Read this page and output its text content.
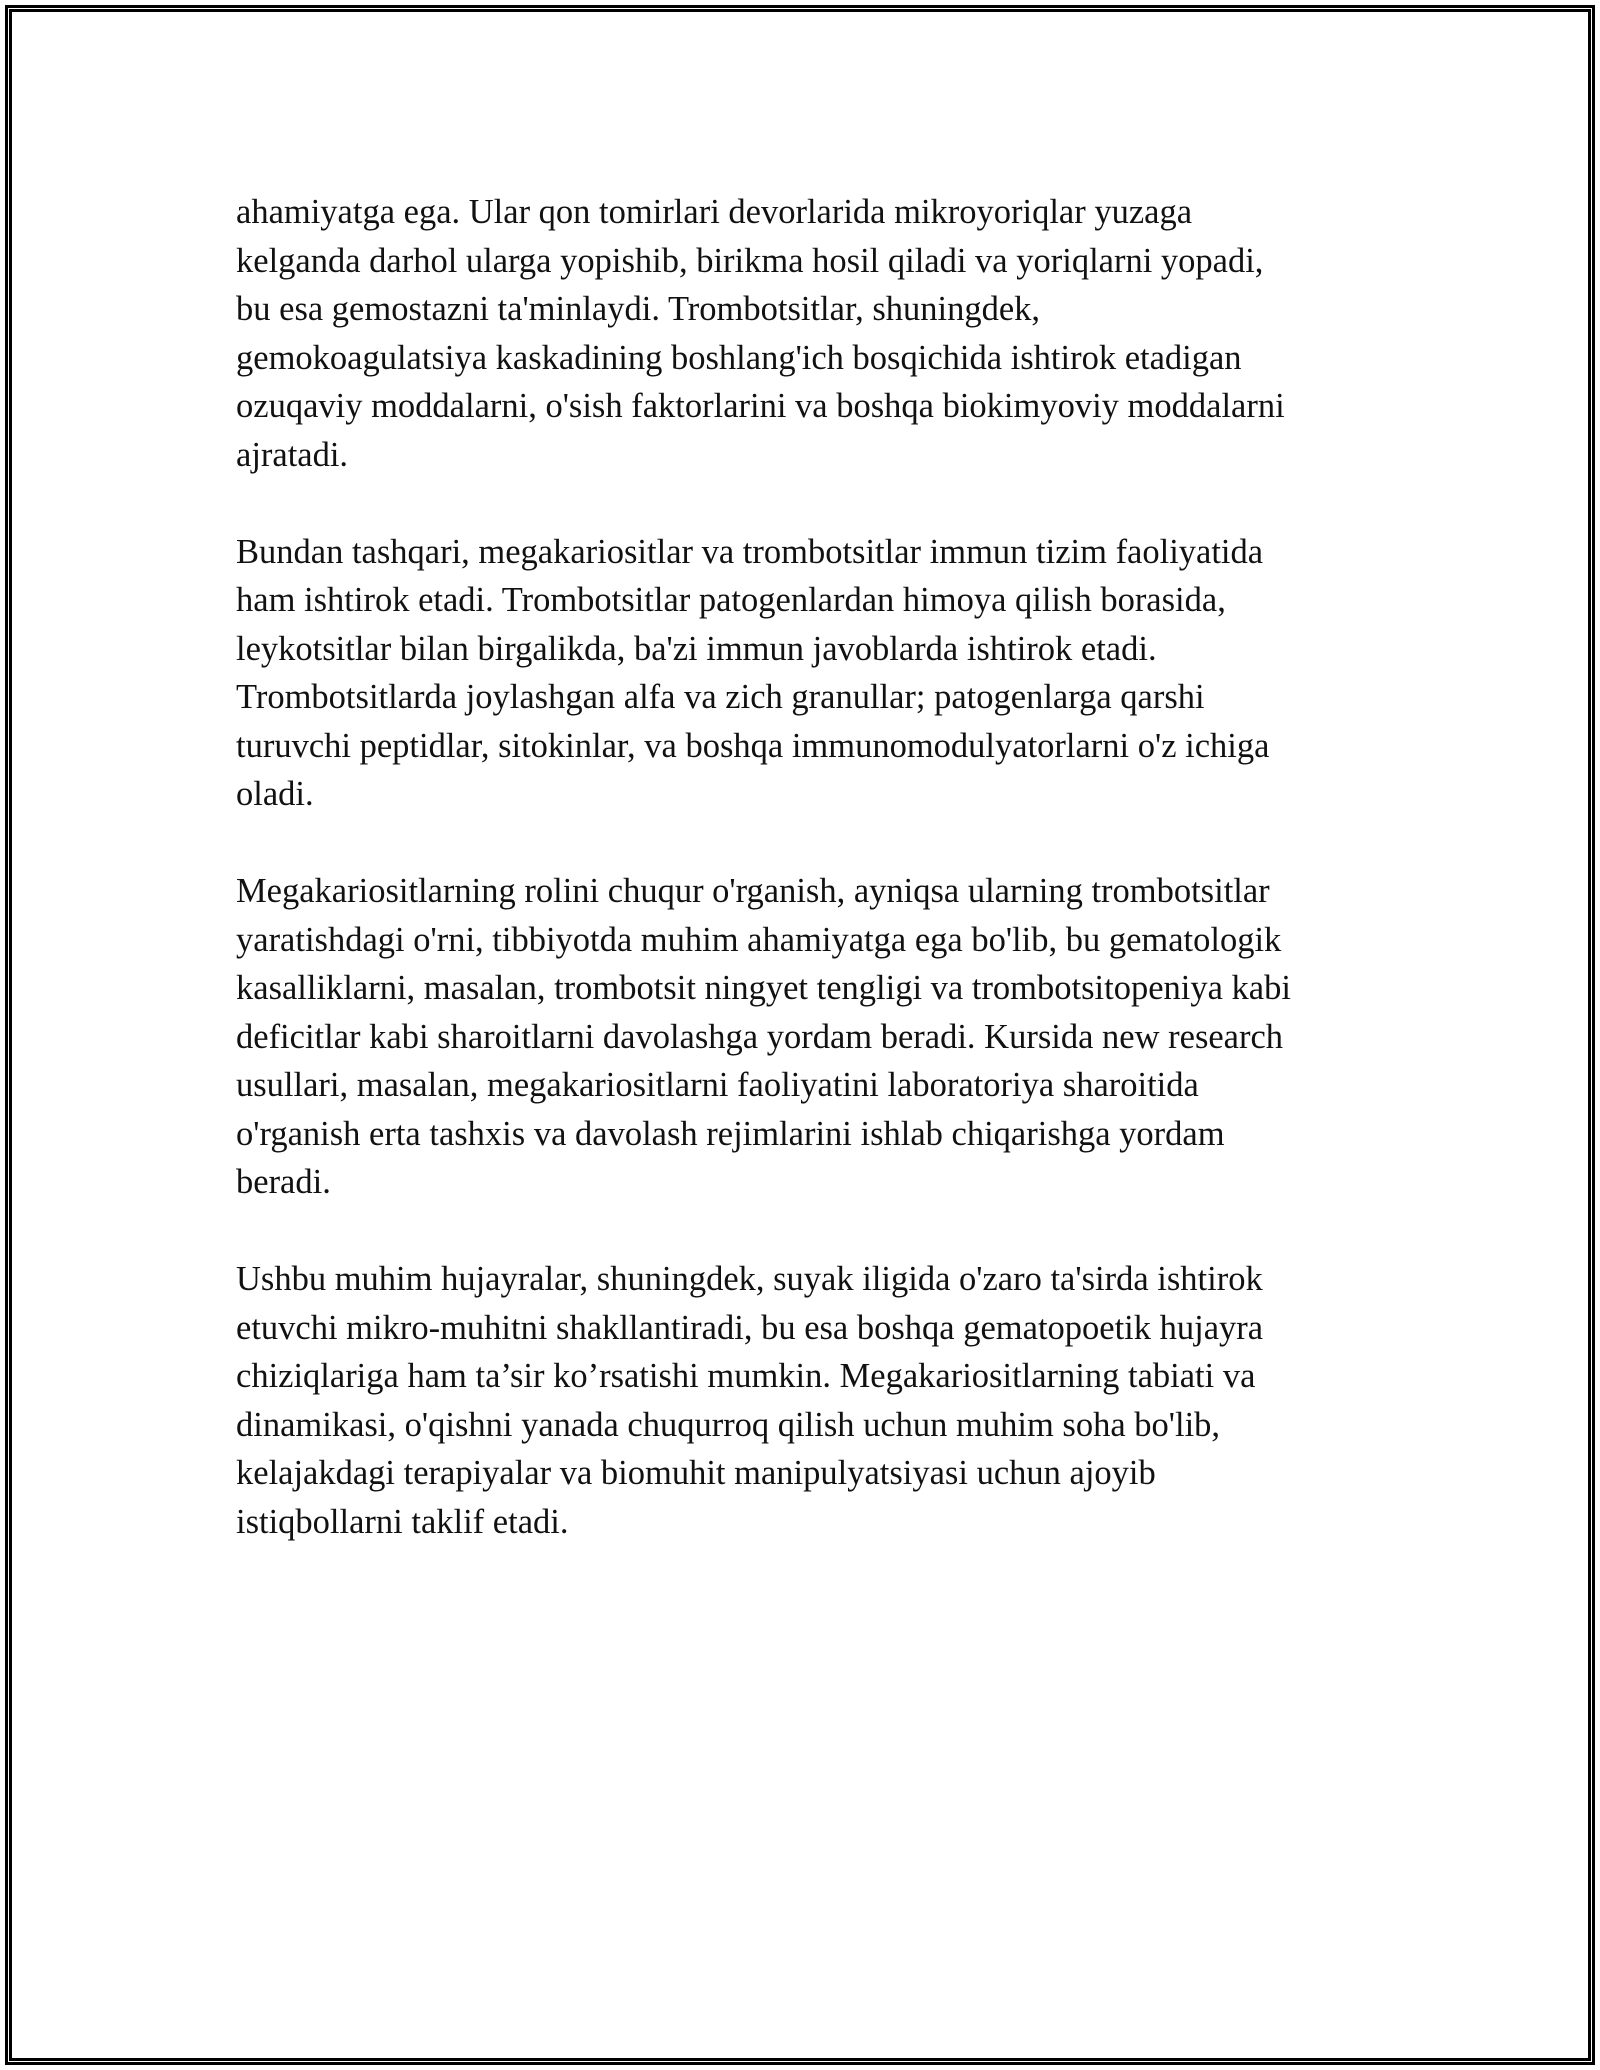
ahamiyatga ega. Ular qon tomirlari devorlarida mikroyoriqlar yuzaga
kelganda darhol ularga yopishib, birikma hosil qiladi va yoriqlarni yopadi,
bu esa gemostazni ta'minlaydi. Trombotsitlar, shuningdek,
gemokoagulatsiya kaskadining boshlang'ich bosqichida ishtirok etadigan
ozuqaviy moddalarni, o'sish faktorlarini va boshqa biokimyoviy moddalarni
ajratadi.

Bundan tashqari, megakariositlar va trombotsitlar immun tizim faoliyatida
ham ishtirok etadi. Trombotsitlar patogenlardan himoya qilish borasida,
leykotsitlar bilan birgalikda, ba'zi immun javoblarda ishtirok etadi.
Trombotsitlarda joylashgan alfa va zich granullar; patogenlarga qarshi
turuvchi peptidlar, sitokinlar, va boshqa immunomodulyatorlarni o'z ichiga
oladi.

Megakariositlarning rolini chuqur o'rganish, ayniqsa ularning trombotsitlar
yaratishdagi o'rni, tibbiyotda muhim ahamiyatga ega bo'lib, bu gematologik
kasalliklarni, masalan, trombotsit ningyet tengligi va trombotsitopeniya kabi
deficitlar kabi sharoitlarni davolashga yordam beradi. Kursida new research
usullari, masalan, megakariositlarni faoliyatini laboratoriya sharoitida
o'rganish erta tashxis va davolash rejimlarini ishlab chiqarishga yordam
beradi.

Ushbu muhim hujayralar, shuningdek, suyak iligida o'zaro ta'sirda ishtirok
etuvchi mikro-muhitni shakllantiradi, bu esa boshqa gematopoetik hujayra
chiziqlariga ham ta’sir ko’rsatishi mumkin. Megakariositlarning tabiati va
dinamikasi, o'qishni yanada chuqurroq qilish uchun muhim soha bo'lib,
kelajakdagi terapiyalar va biomuhit manipulyatsiyasi uchun ajoyib
istiqbollarni taklif etadi.
